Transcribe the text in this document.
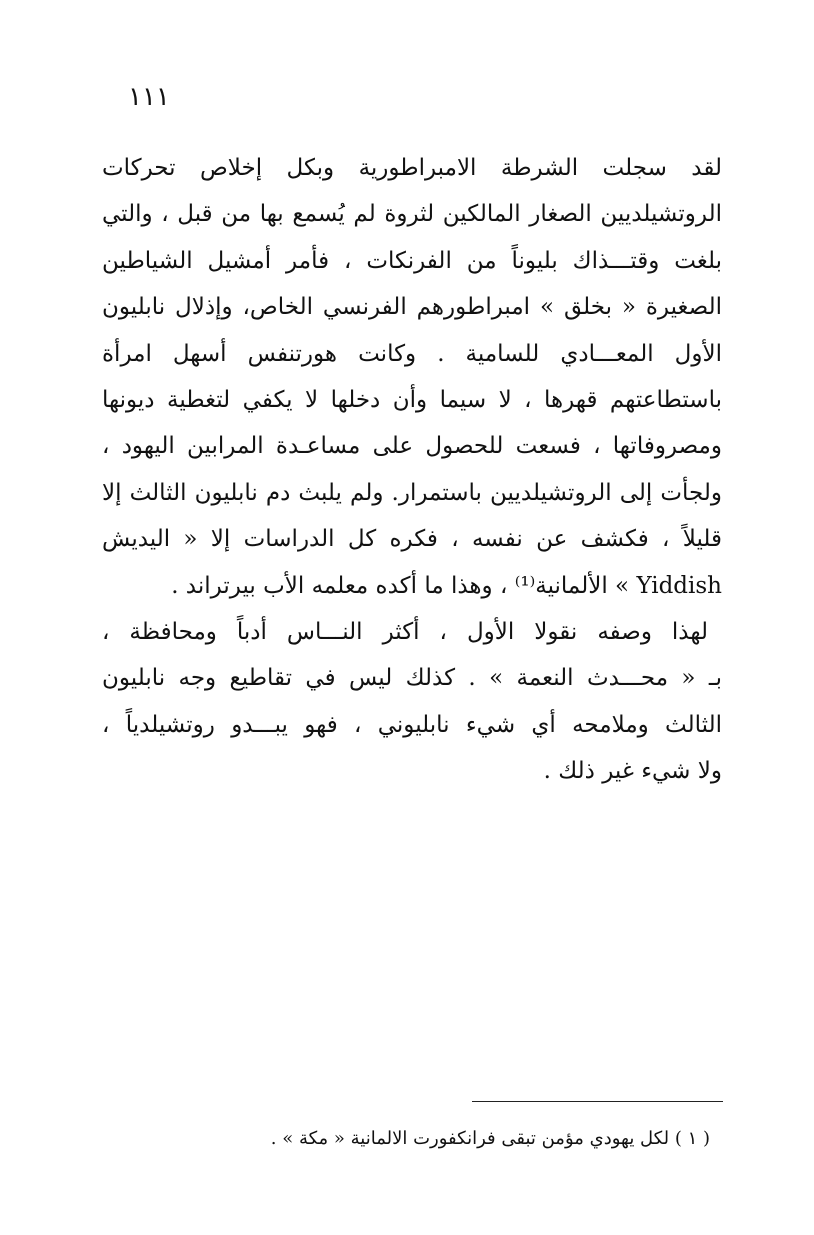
١١١
لقد سجلت الشرطة الامبراطورية وبكل إخلاص تحركات
الروتشيلديين الصغار المالكين لثروة لم يُسمع بها من قبل ، والتي
بلغت وقتـــذاك بليوناً من الفرنكات ، فأمر أمشيل الشياطين
الصغيرة « بخلق » امبراطورهم الفرنسي الخاص، وإذلال نابليون
الأول المعـــادي للسامية . وكانت هورتنفس أسهل امرأة
باستطاعتهم قهرها ، لا سيما وأن دخلها لا يكفي لتغطية ديونها
ومصروفاتها ، فسعت للحصول على مساعـدة المرابين اليهود ،
ولجأت إلى الروتشيلديين باستمرار. ولم يلبث دم نابليون الثالث إلا
قليلاً ، فكشف عن نفسه ، فكره كل الدراسات إلا « اليديش
Yiddish » الألمانية⁽¹⁾ ، وهذا ما أكده معلمه الأب بيرتراند .
لهذا وصفه نقولا الأول ، أكثر النـــاس أدباً ومحافظة ،
بـ « محـــدث النعمة » . كذلك ليس في تقاطيع وجه نابليون
الثالث وملامحه أي شيء نابليوني ، فهو يبـــدو روتشيلدياً ،
ولا شيء غير ذلك .
( ١ ) لكل يهودي مؤمن تبقى فرانكفورت الالمانية « مكة » .
